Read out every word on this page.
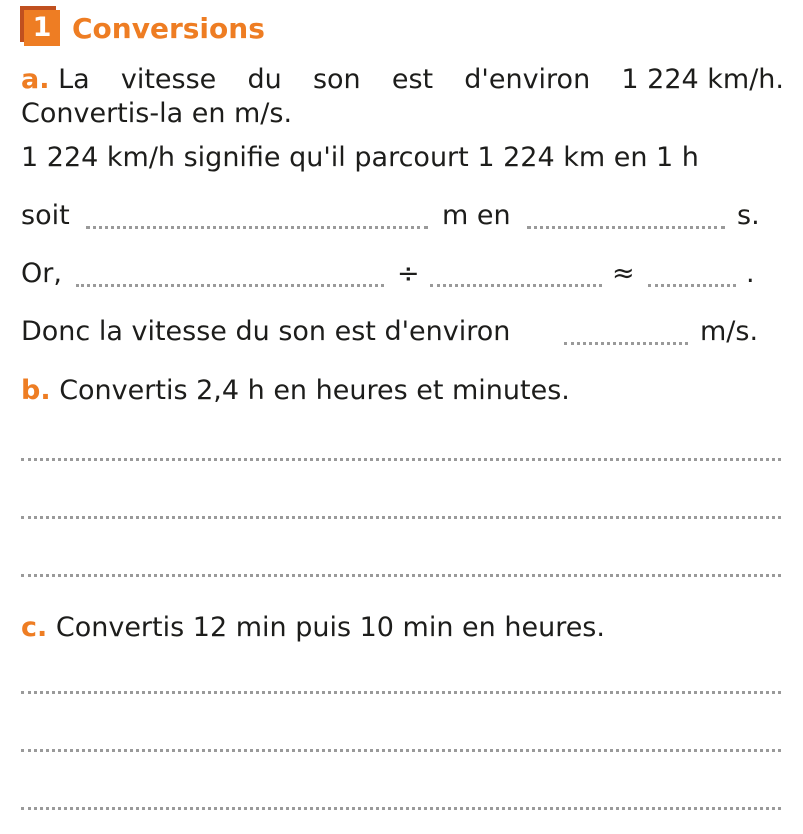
1 Conversions
a. La vitesse du son est d'environ 1 224 km/h.
Convertis-la en m/s.
1 224 km/h signifie qu'il parcourt 1 224 km en 1 h
soit	m en	s.
Or,	÷	≈	.
Donc la vitesse du son est d'environ	m/s.
b. Convertis 2,4 h en heures et minutes.
c. Convertis 12 min puis 10 min en heures.
